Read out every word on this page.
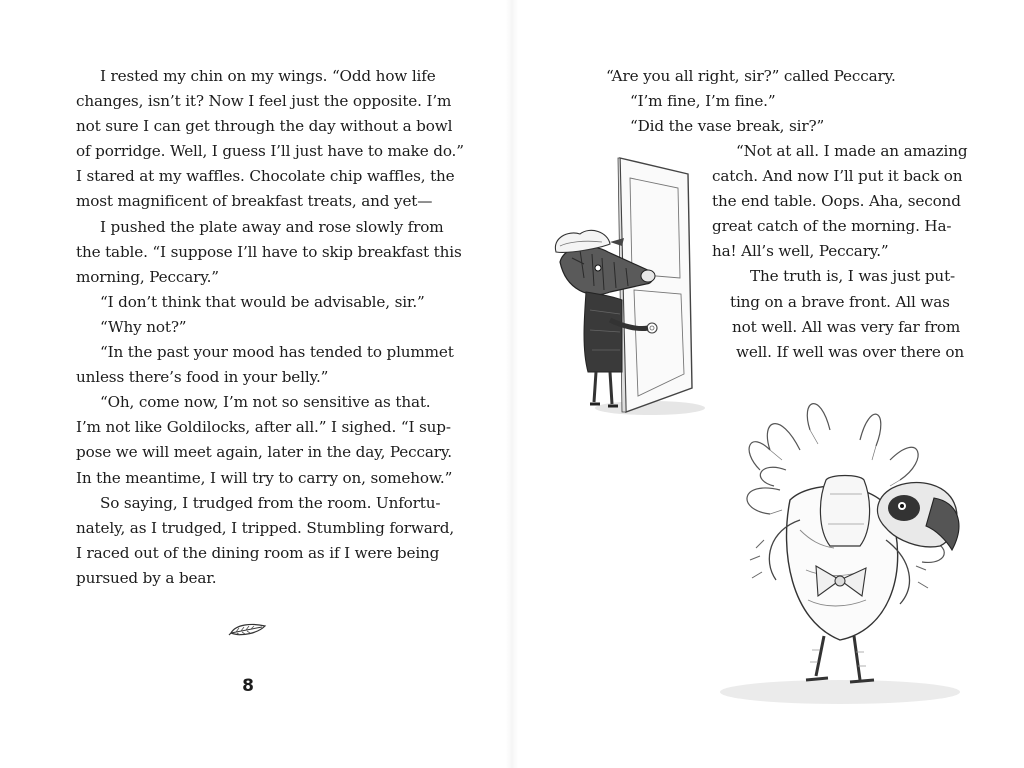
I rested my chin on my wings. “Odd how life

changes, isn’t it? Now I feel just the opposite. I’m

not sure I can get through the day without a bowl

of porridge. Well, I guess I’ll just have to make do.”

I stared at my waffles. Chocolate chip waffles, the

most magnificent of breakfast treats, and yet—

I pushed the plate away and rose slowly from

the table. “I suppose I’ll have to skip breakfast this

morning, Peccary.”

“I don’t think that would be advisable, sir.”

“Why not?”

“In the past your mood has tended to plummet

unless there’s food in your belly.”

“Oh, come now, I’m not so sensitive as that.

I’m not like Goldilocks, after all.” I sighed. “I sup-

pose we will meet again, later in the day, Peccary.

In the meantime, I will try to carry on, somehow.”

So saying, I trudged from the room. Unfortu-

nately, as I trudged, I tripped. Stumbling forward,

I raced out of the dining room as if I were being

pursued by a bear.

8

“Are you all right, sir?” called Peccary.

“I’m fine, I’m fine.”

“Did the vase break, sir?”

“Not at all. I made an amazing

catch. And now I’ll put it back on

the end table. Oops. Aha, second

great catch of the morning. Ha-

ha! All’s well, Peccary.”

The truth is, I was just put-

ting on a brave front. All was

not well. All was very far from

well. If well was over there on
